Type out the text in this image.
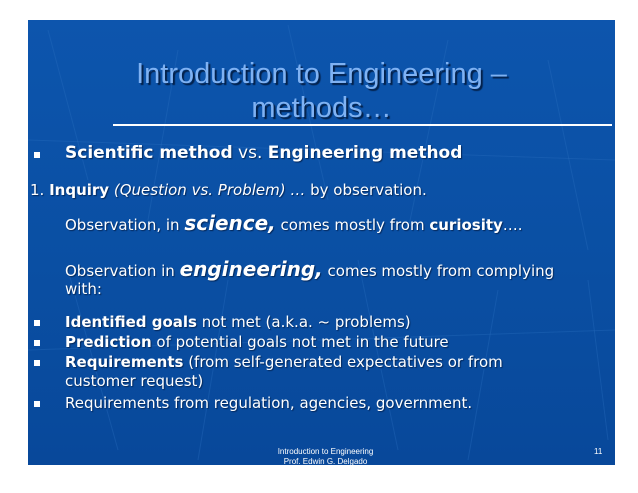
Introduction to Engineering –
methods…
Scientific method vs. Engineering method
1. Inquiry (Question vs. Problem) … by observation.
Observation, in science, comes mostly from curiosity….
Observation in engineering, comes mostly from complying
with:
Identified goals not met (a.k.a. ~ problems)
Prediction of potential goals not met in the future
Requirements (from self-generated expectatives or from
customer request)
Requirements from regulation, agencies, government.
Introduction to Engineering
Prof. Edwin G. Delgado
11
